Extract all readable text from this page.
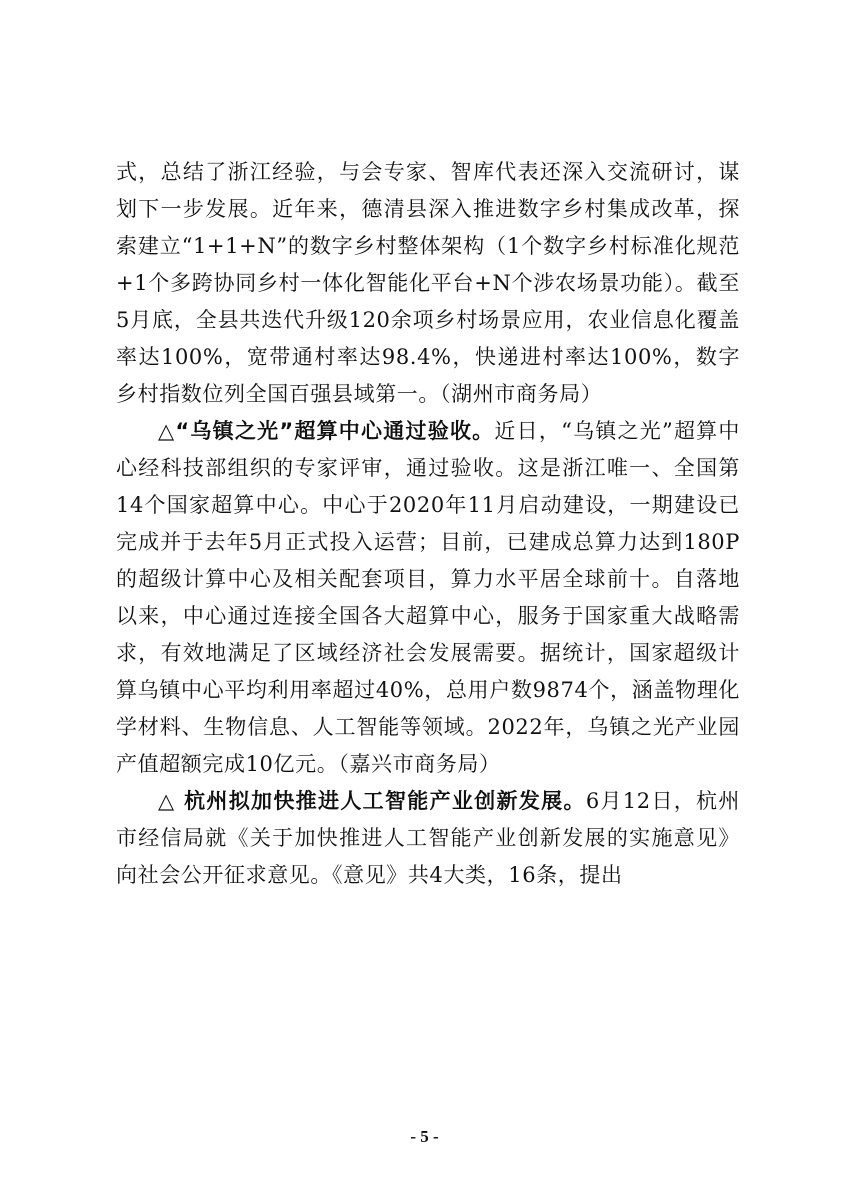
式，总结了浙江经验，与会专家、智库代表还深入交流研讨，谋划下一步发展。近年来，德清县深入推进数字乡村集成改革，探索建立“1+1+N”的数字乡村整体架构（1个数字乡村标准化规范+1个多跨协同乡村一体化智能化平台+N个涉农场景功能）。截至5月底，全县共迭代升级120余项乡村场景应用，农业信息化覆盖率达100%，宽带通村率达98.4%，快递进村率达100%，数字乡村指数位列全国百强县域第一。（湖州市商务局）

△“乌镇之光”超算中心通过验收。近日，“乌镇之光”超算中心经科技部组织的专家评审，通过验收。这是浙江唯一、全国第14个国家超算中心。中心于2020年11月启动建设，一期建设已完成并于去年5月正式投入运营；目前，已建成总算力达到180P的超级计算中心及相关配套项目，算力水平居全球前十。自落地以来，中心通过连接全国各大超算中心，服务于国家重大战略需求，有效地满足了区域经济社会发展需要。据统计，国家超级计算乌镇中心平均利用率超过40%，总用户数9874个，涵盖物理化学材料、生物信息、人工智能等领域。2022年，乌镇之光产业园产值超额完成10亿元。（嘉兴市商务局）

△ 杭州拟加快推进人工智能产业创新发展。6月12日，杭州市经信局就《关于加快推进人工智能产业创新发展的实施意见》向社会公开征求意见。《意见》共4大类，16条，提出

- 5 -
